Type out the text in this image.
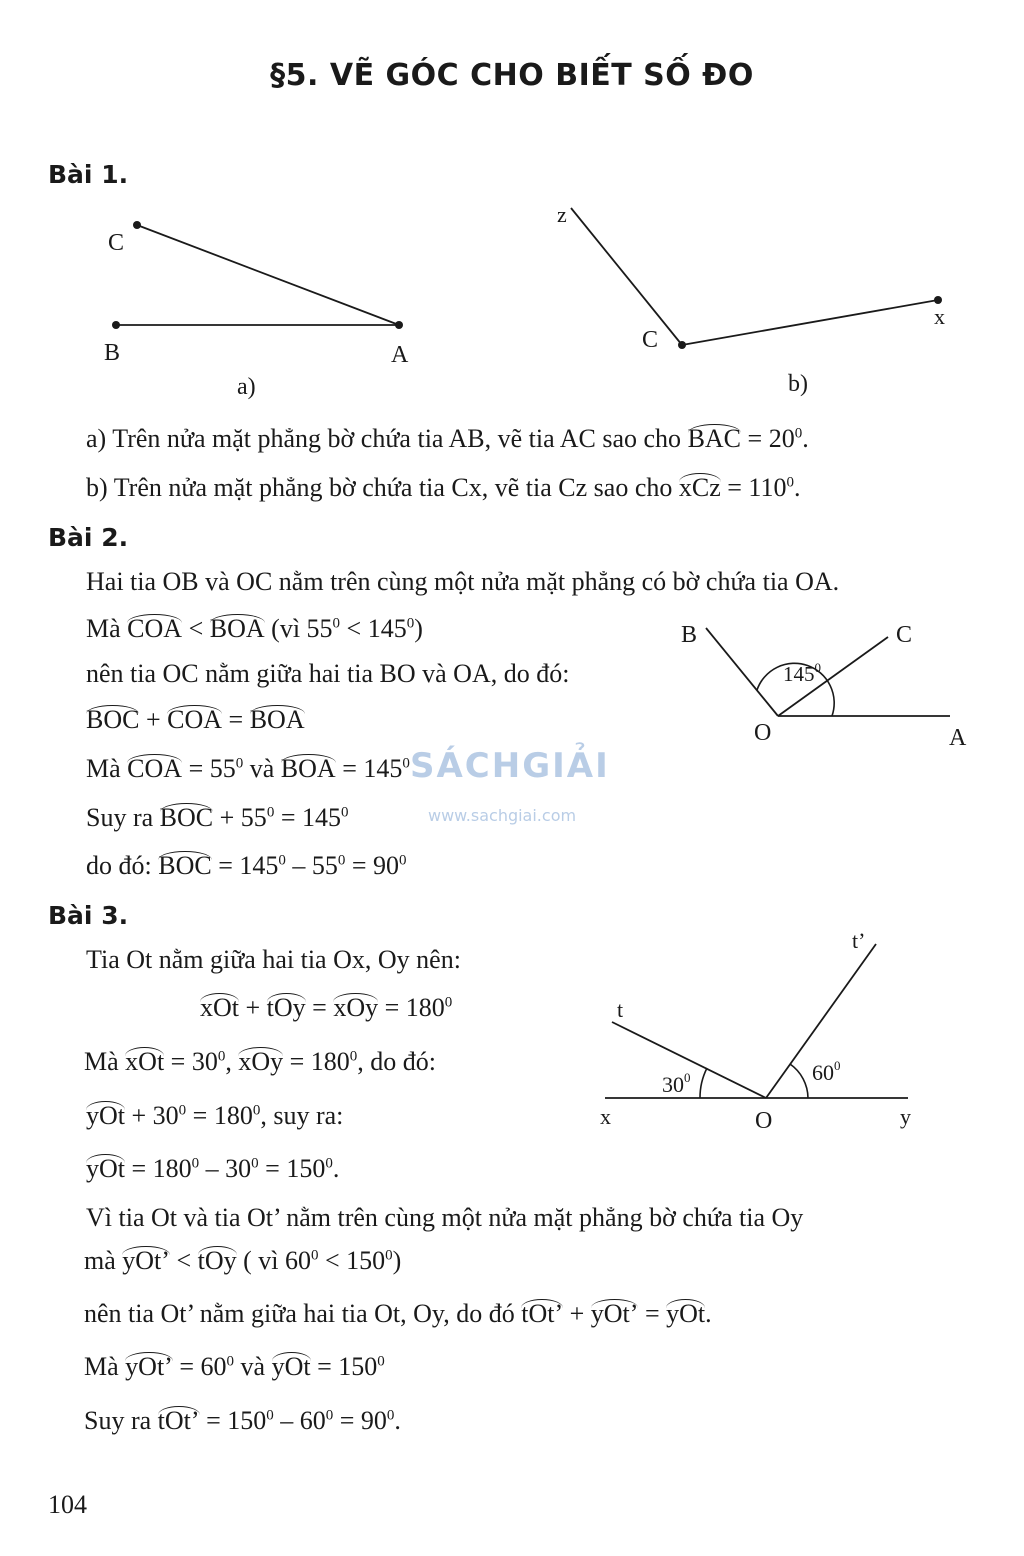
§5. VẼ GÓC CHO BIẾT SỐ ĐO
Bài 1.
C
B	A
a)
z
C
x
b)
a) Trên nửa mặt phẳng bờ chứa tia AB, vẽ tia AC sao cho BAC = $20^0$.
b) Trên nửa mặt phẳng bờ chứa tia Cx, vẽ tia Cz sao cho xCz = $110^0$.
Bài 2.
Hai tia OB và OC nằm trên cùng một nửa mặt phẳng có bờ chứa tia OA.
Mà COA < BOA (vì $55^0 < 145^0$)
nên tia OC nằm giữa hai tia BO và OA, do đó:
BOC + COA = BOA
Mà COA = $55^0$ và BOA = $145^0$
Suy ra BOC + $55^0 = 145^0$
do đó: BOC = $145^0 - 55^0 = 90^0$
B	C
O	A
$145^0$
SÁCHGIẢI
www.sachgiai.com
Bài 3.
Tia Ot nằm giữa hai tia Ox, Oy nên:
xOt + tOy = xOy = $180^0$
Mà xOt = $30^0$, xOy = $180^0$, do đó:
yOt + $30^0 = 180^0$, suy ra:
yOt = $180^0 - 30^0 = 150^0$.
Vì tia Ot và tia Ot’ nằm trên cùng một nửa mặt phẳng bờ chứa tia Oy
mà yOt’ < tOy ( vì $60^0 < 150^0$)
nên tia Ot’ nằm giữa hai tia Ot, Oy, do đó tOt’ + yOt’ = yOt.
Mà yOt’ = $60^0$ và yOt = $150^0$
Suy ra tOt’ = $150^0 - 60^0 = 90^0$.
t’
t
x	O	y
$30^0$	$60^0$
104
